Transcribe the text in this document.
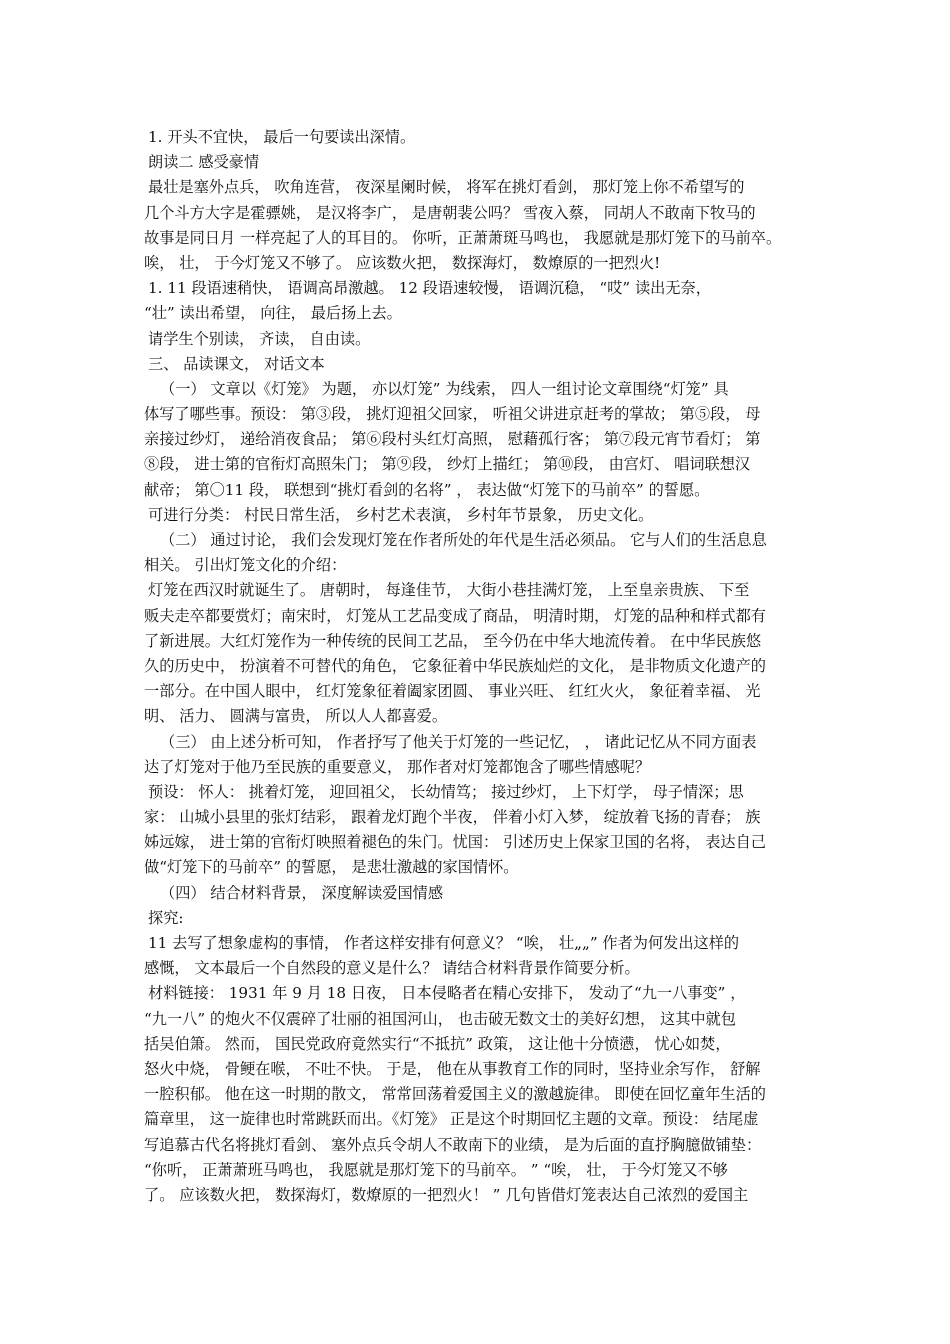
1. 开头不宜快， 最后一句要读出深情。
朗读二 感受豪情
最壮是塞外点兵， 吹角连营， 夜深星阑时候， 将军在挑灯看剑， 那灯笼上你不希望写的
几个斗方大字是霍骠姚， 是汉将李广， 是唐朝裴公吗？ 雪夜入蔡， 同胡人不敢南下牧马的
故事是同日月 一样亮起了人的耳目的。 你听，正萧萧斑马鸣也， 我愿就是那灯笼下的马前卒。
唉， 壮， 于今灯笼又不够了。 应该数火把， 数探海灯， 数燎原的一把烈火!
1. 11 段语速稍快， 语调高昂激越。 12 段语速较慢， 语调沉稳， “哎” 读出无奈，
“壮” 读出希望， 向往， 最后扬上去。
请学生个别读， 齐读， 自由读。
三、 品读课文， 对话文本
（一） 文章以《灯笼》 为题， 亦以灯笼” 为线索， 四人一组讨论文章围绕“灯笼” 具
体写了哪些事。预设： 第③段， 挑灯迎祖父回家， 听祖父讲进京赶考的掌故； 第⑤段， 母
亲接过纱灯， 递给消夜食品； 第⑥段村头红灯高照， 慰藉孤行客； 第⑦段元宵节看灯； 第
⑧段， 进士第的官衔灯高照朱门； 第⑨段， 纱灯上描红； 第⑩段， 由宫灯、 唱词联想汉
献帝； 第〇11 段， 联想到“挑灯看剑的名将” ， 表达做“灯笼下的马前卒” 的誓愿。
可进行分类： 村民日常生活， 乡村艺术表演， 乡村年节景象， 历史文化。
（二） 通过讨论， 我们会发现灯笼在作者所处的年代是生活必须品。 它与人们的生活息息
相关。 引出灯笼文化的介绍：
灯笼在西汉时就诞生了。 唐朝时， 每逢佳节， 大街小巷挂满灯笼， 上至皇亲贵族、 下至
贩夫走卒都要赏灯；南宋时， 灯笼从工艺品变成了商品， 明清时期， 灯笼的品种和样式都有
了新进展。大红灯笼作为一种传统的民间工艺品， 至今仍在中华大地流传着。 在中华民族悠
久的历史中， 扮演着不可替代的角色， 它象征着中华民族灿烂的文化， 是非物质文化遗产的
一部分。在中国人眼中， 红灯笼象征着阖家团圆、 事业兴旺、 红红火火， 象征着幸福、 光
明、 活力、 圆满与富贵， 所以人人都喜爱。
（三） 由上述分析可知， 作者抒写了他关于灯笼的一些记忆， ， 诸此记忆从不同方面表
达了灯笼对于他乃至民族的重要意义， 那作者对灯笼都饱含了哪些情感呢？
预设： 怀人： 挑着灯笼， 迎回祖父， 长幼情笃； 接过纱灯， 上下灯学， 母子情深；思
家： 山城小县里的张灯结彩， 跟着龙灯跑个半夜， 伴着小灯入梦， 绽放着飞扬的青春； 族
姊远嫁， 进士第的官衔灯映照着褪色的朱门。忧国： 引述历史上保家卫国的名将， 表达自己
做“灯笼下的马前卒” 的誓愿， 是悲壮激越的家国情怀。
（四） 结合材料背景， 深度解读爱国情感
探究:
11 去写了想象虚构的事情， 作者这样安排有何意义？ “唉， 壮„„” 作者为何发出这样的
感慨， 文本最后一个自然段的意义是什么？ 请结合材料背景作简要分析。
材料链接： 1931 年 9 月 18 日夜， 日本侵略者在精心安排下， 发动了“九一八事变” ，
“九一八” 的炮火不仅震碎了壮丽的祖国河山， 也击破无数文士的美好幻想， 这其中就包
括吴伯箫。 然而， 国民党政府竟然实行“不抵抗” 政策， 这让他十分愤懑， 忧心如焚，
怒火中烧， 骨鲠在喉， 不吐不快。 于是， 他在从事教育工作的同时，坚持业余写作， 舒解
一腔积郁。 他在这一时期的散文， 常常回荡着爱国主义的激越旋律。 即使在回忆童年生活的
篇章里， 这一旋律也时常跳跃而出。《灯笼》 正是这个时期回忆主题的文章。预设： 结尾虚
写追慕古代名将挑灯看剑、 塞外点兵令胡人不敢南下的业绩， 是为后面的直抒胸臆做铺垫：
“你听， 正萧萧班马鸣也， 我愿就是那灯笼下的马前卒。 ” “唉， 壮， 于今灯笼又不够
了。 应该数火把， 数探海灯，数燎原的一把烈火！ ” 几句皆借灯笼表达自己浓烈的爱国主
